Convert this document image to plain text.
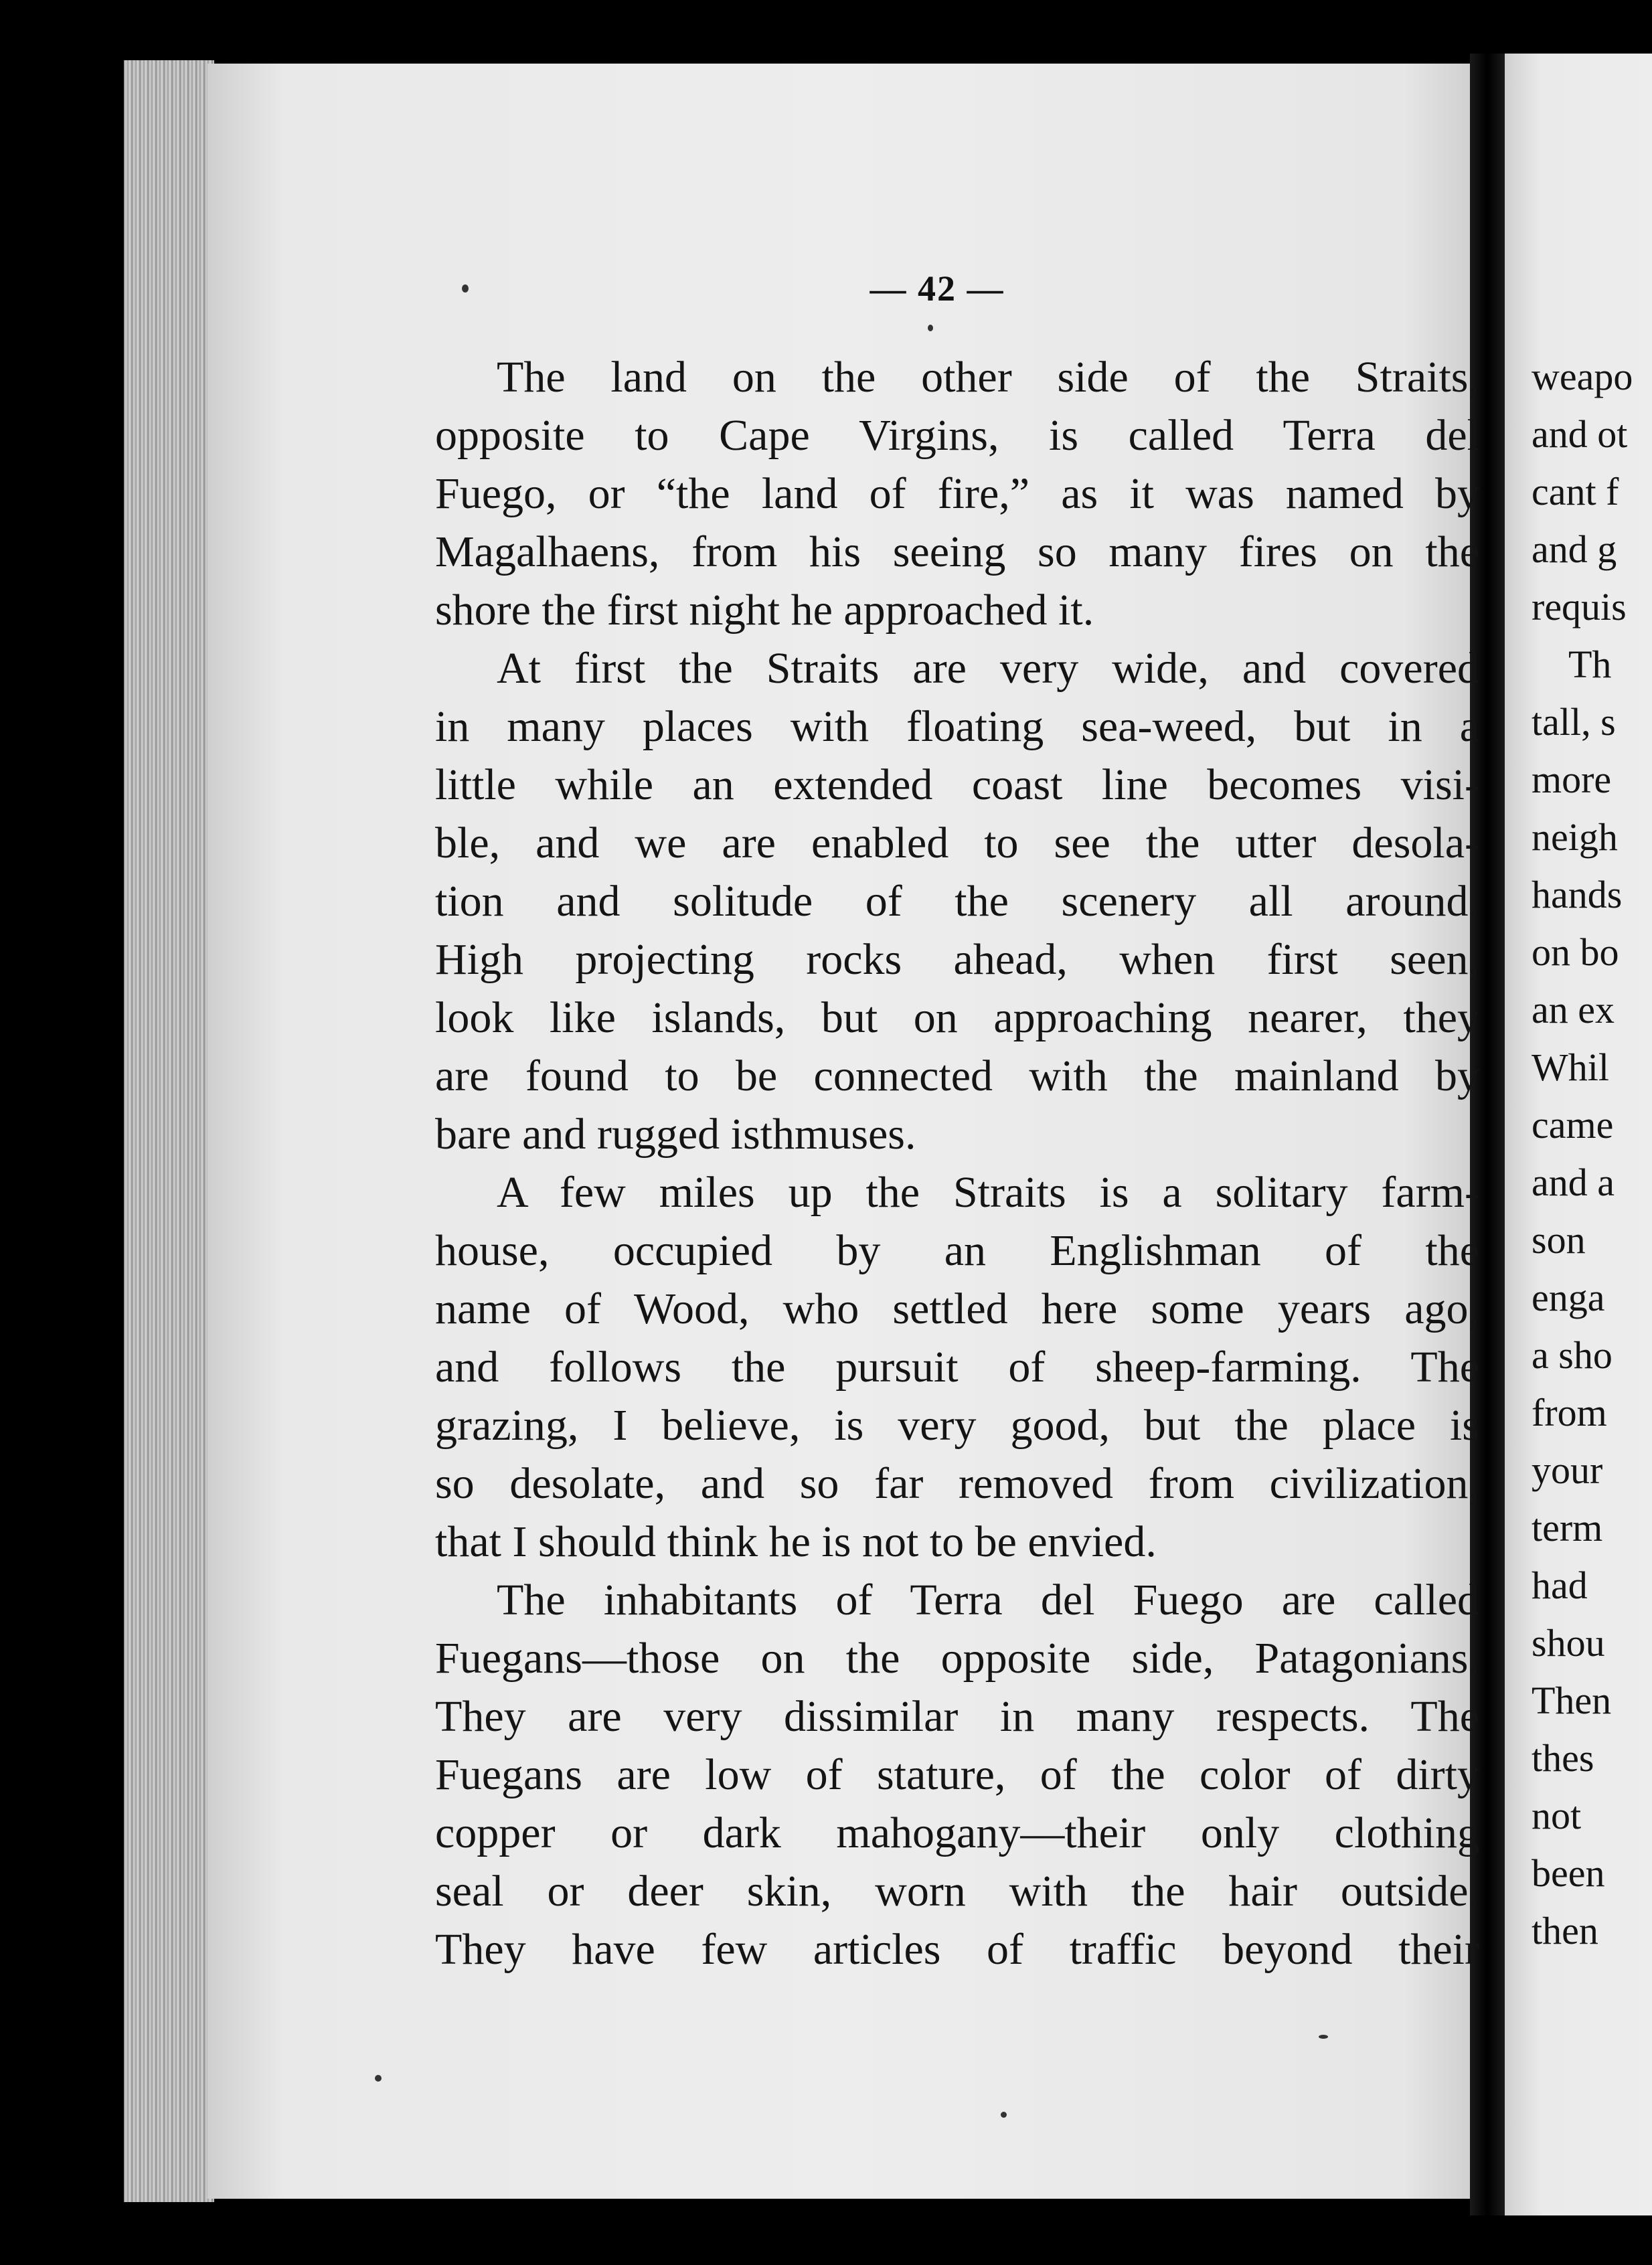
— 42 —

The land on the other side of the Straits,
opposite to Cape Virgins, is called Terra del
Fuego, or “the land of fire,” as it was named by
Magalhaens, from his seeing so many fires on the
shore the first night he approached it.

At first the Straits are very wide, and covered
in many places with floating sea-weed, but in a
little while an extended coast line becomes visi-
ble, and we are enabled to see the utter desola-
tion and solitude of the scenery all around.
High projecting rocks ahead, when first seen,
look like islands, but on approaching nearer, they
are found to be connected with the mainland by
bare and rugged isthmuses.

A few miles up the Straits is a solitary farm-
house, occupied by an Englishman of the
name of Wood, who settled here some years ago,
and follows the pursuit of sheep-farming. The
grazing, I believe, is very good, but the place is
so desolate, and so far removed from civilization,
that I should think he is not to be envied.

The inhabitants of Terra del Fuego are called
Fuegans—those on the opposite side, Patagonians.
They are very dissimilar in many respects. The
Fuegans are low of stature, of the color of dirty
copper or dark mahogany—their only clothing
seal or deer skin, worn with the hair outside.
They have few articles of traffic beyond their

weapo
and ot
cant f
and g
requis
Th
tall, s
more
neigh
hands
on bo
an ex
Whil
came
and a
son
enga
a sho
from
your
term
had
shou
Then
thes
not
been
then
